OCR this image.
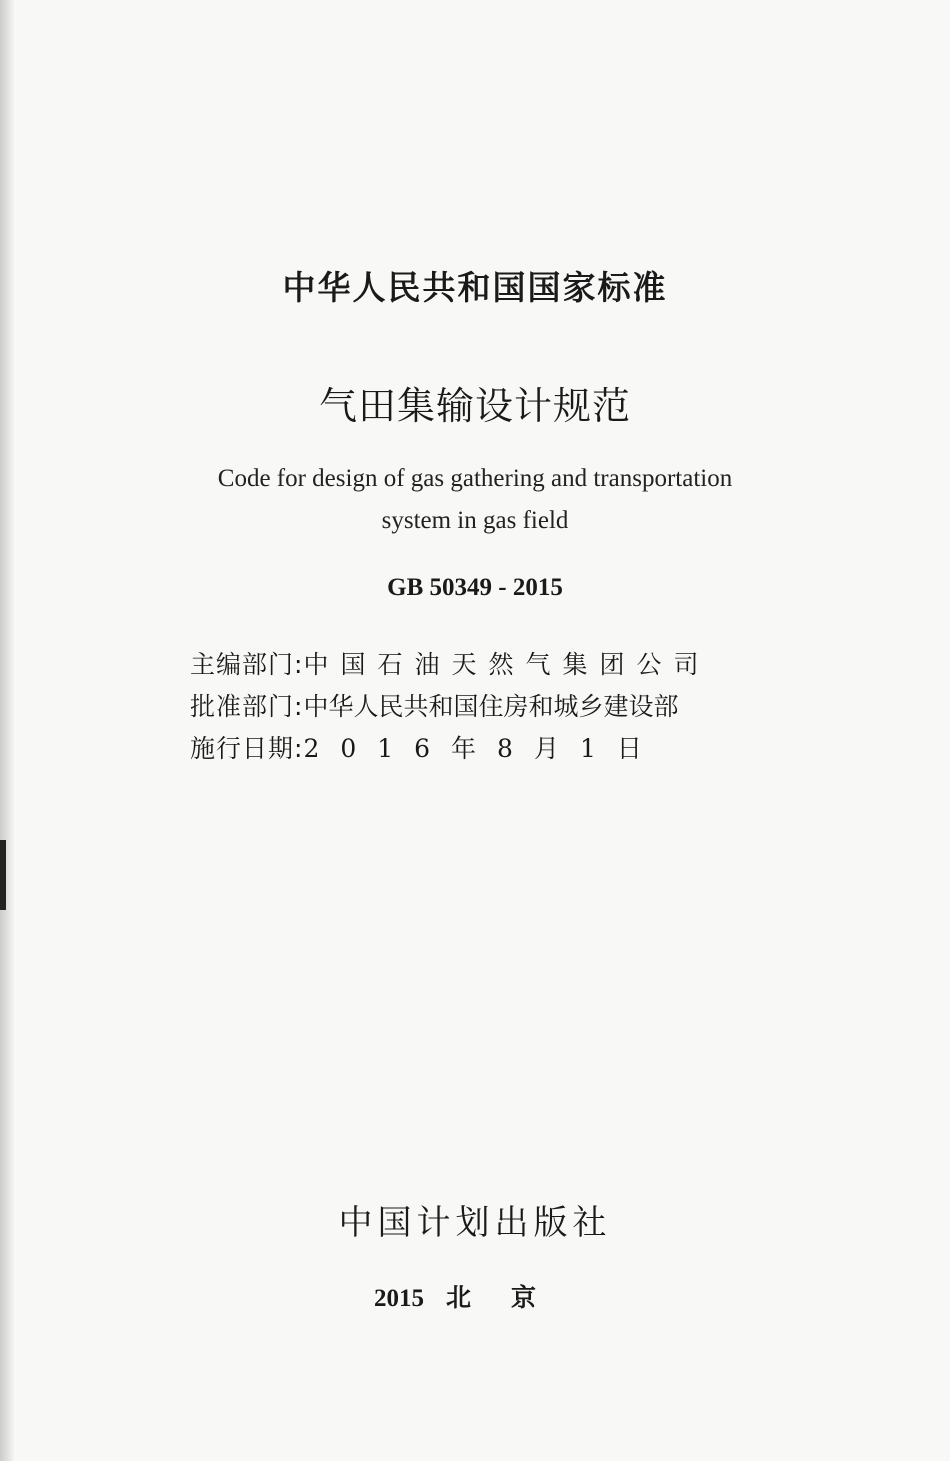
中华人民共和国国家标准
气田集输设计规范
Code for design of gas gathering and transportation
system in gas field
GB 50349 - 2015
主编部门: 中国石油天然气集团公司
批准部门: 中华人民共和国住房和城乡建设部
施行日期: 2016年8月1日
中国计划出版社
2015 北京
